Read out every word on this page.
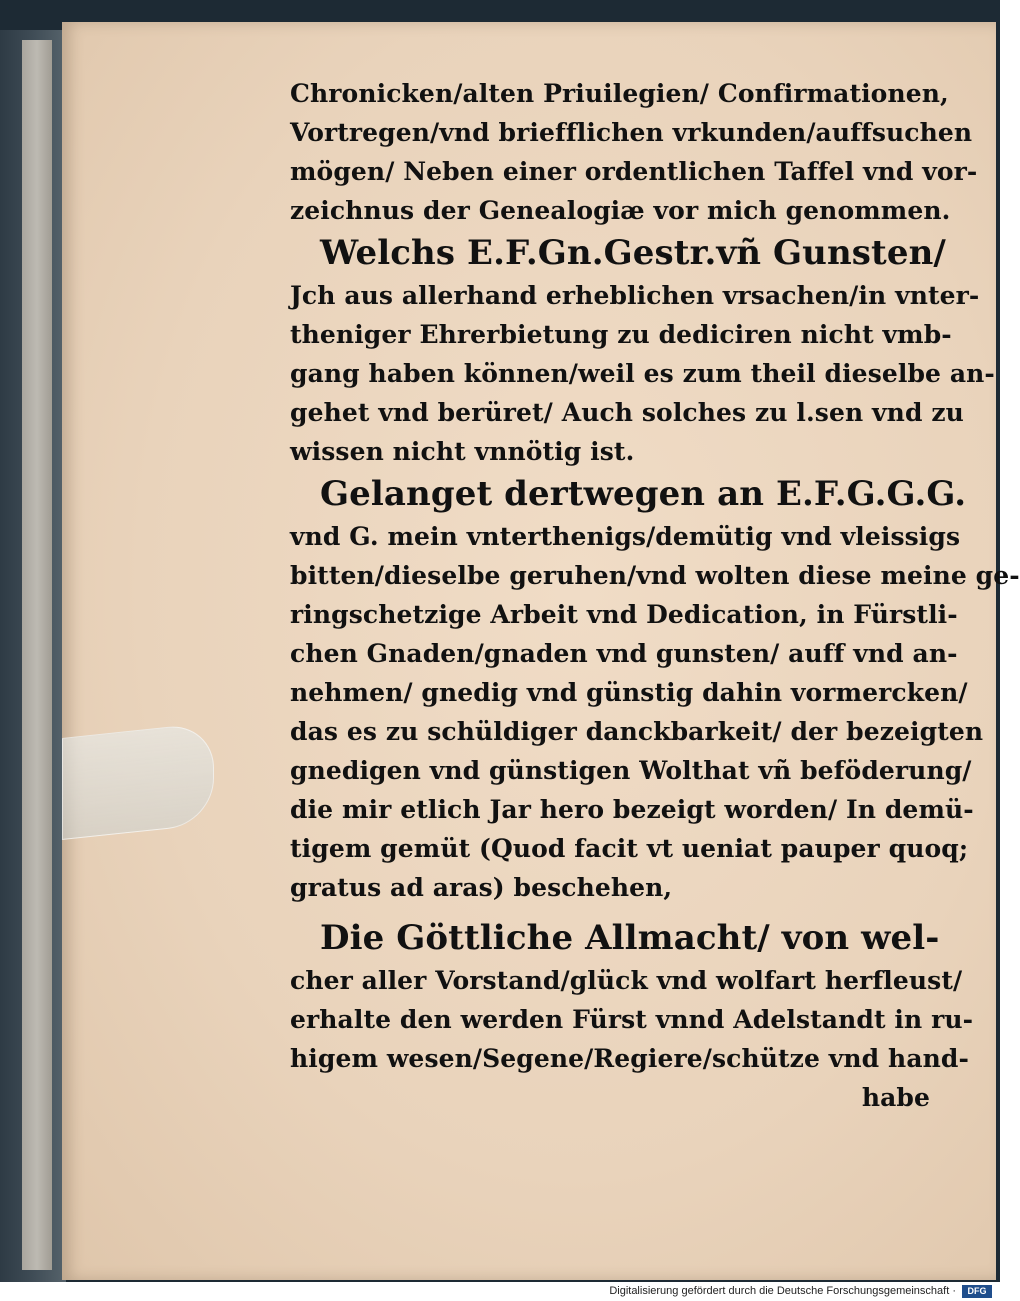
Chronicken/alten Priuilegien/ Confirmationen,

Vortregen/vnd briefflichen vrkunden/auffsuchen

mögen/ Neben einer ordentlichen Taffel vnd vor-

zeichnus der Genealogiæ vor mich genommen.

Welchs E.F.Gn.Gestr.vñ Gunsten/

Jch aus allerhand erheblichen vrsachen/in vnter-

theniger Ehrerbietung zu dediciren nicht vmb-

gang haben können/weil es zum theil dieselbe an-

gehet vnd berüret/ Auch solches zu l.sen vnd zu

wissen nicht vnnötig ist.

Gelanget dertwegen an E.F.G.G.G.

vnd G. mein vnterthenigs/demütig vnd vleissigs

bitten/dieselbe geruhen/vnd wolten diese meine ge-

ringschetzige Arbeit vnd Dedication, in Fürstli-

chen Gnaden/gnaden vnd gunsten/ auff vnd an-

nehmen/ gnedig vnd günstig dahin vormercken/

das es zu schüldiger danckbarkeit/ der bezeigten

gnedigen vnd günstigen Wolthat vñ beföderung/

die mir etlich Jar hero bezeigt worden/ In demü-

tigem gemüt (Quod facit vt ueniat pauper quoq;

gratus ad aras) beschehen,

Die Göttliche Allmacht/ von wel-

cher aller Vorstand/glück vnd wolfart herfleust/

erhalte den werden Fürst vnnd Adelstandt in ru-

higem wesen/Segene/Regiere/schütze vnd hand-

habe

Digitalisierung gefördert durch die Deutsche Forschungsgemeinschaft ·	DFG
